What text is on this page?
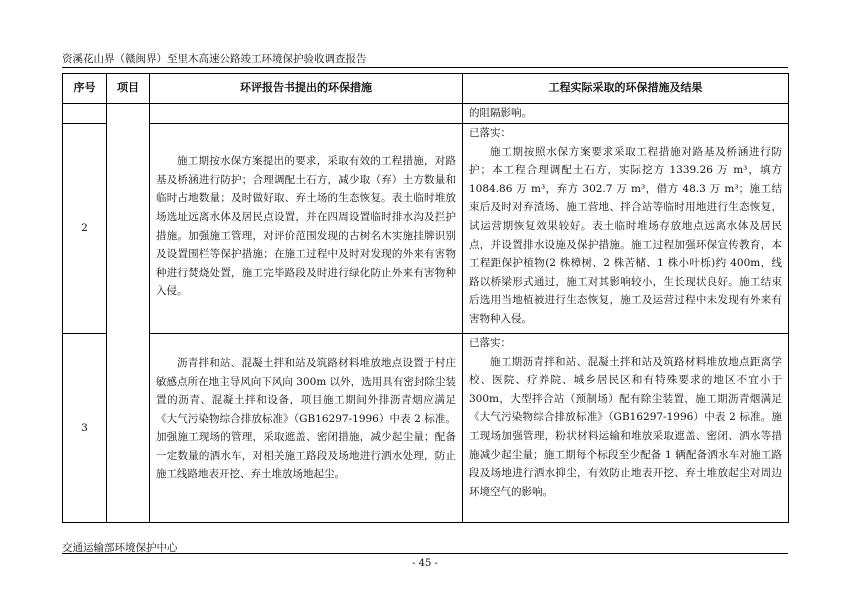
资溪花山界（赣闽界）至里木高速公路竣工环境保护验收调查报告
序号	项目	环评报告书提出的环保措施	工程实际采取的环保措施及结果

			的阻隔影响。

2		施工期按水保方案提出的要求，采取有效的工程措施，对路基及桥涵进行防护；合理调配土石方，减少取（弃）土方数量和临时占地数量；及时做好取、弃土场的生态恢复。表土临时堆放场选址远离水体及居民点设置，并在四周设置临时排水沟及拦护措施。加强施工管理，对评价范围发现的古树名木实施挂牌识别及设置围栏等保护措施；在施工过程中及时对发现的外来有害物种进行焚烧处置，施工完毕路段及时进行绿化防止外来有害物种入侵。	已落实：
施工期按照水保方案要求采取工程措施对路基及桥涵进行防护；本工程合理调配土石方，实际挖方 1339.26 万 m³，填方 1084.86 万 m³，弃方 302.7 万 m³，借方 48.3 万 m³；施工结束后及时对弃渣场、施工营地、拌合站等临时用地进行生态恢复，试运营期恢复效果较好。表土临时堆场存放地点远离水体及居民点，并设置排水设施及保护措施。施工过程加强环保宣传教育，本工程距保护植物(2 株樟树、2 株苦槠、1 株小叶栎)约 400m，线路以桥梁形式通过，施工对其影响较小，生长现状良好。施工结束后选用当地植被进行生态恢复，施工及运营过程中未发现有外来有害物种入侵。

3		沥青拌和站、混凝土拌和站及筑路材料堆放地点设置于村庄敏感点所在地主导风向下风向 300m 以外，选用具有密封除尘装置的沥青、混凝土拌和设备，项目施工期间外排沥青烟应满足《大气污染物综合排放标准》（GB16297-1996）中表 2 标准。加强施工现场的管理，采取遮盖、密闭措施，减少起尘量；配备一定数量的洒水车，对相关施工路段及场地进行洒水处理，防止施工线路地表开挖、弃土堆放场地起尘。	已落实：
施工期沥青拌和站、混凝土拌和站及筑路材料堆放地点距离学校、医院、疗养院、城乡居民区和有特殊要求的地区不宜小于 300m，大型拌合站（预制场）配有除尘装置，施工期沥青烟满足《大气污染物综合排放标准》（GB16297-1996）中表 2 标准。施工现场加强管理，粉状材料运输和堆放采取遮盖、密闭、洒水等措施减少起尘量；施工期每个标段至少配备 1 辆配备洒水车对施工路段及场地进行洒水抑尘，有效防止地表开挖、弃土堆放起尘对周边环境空气的影响。
交通运输部环境保护中心
- 45 -
